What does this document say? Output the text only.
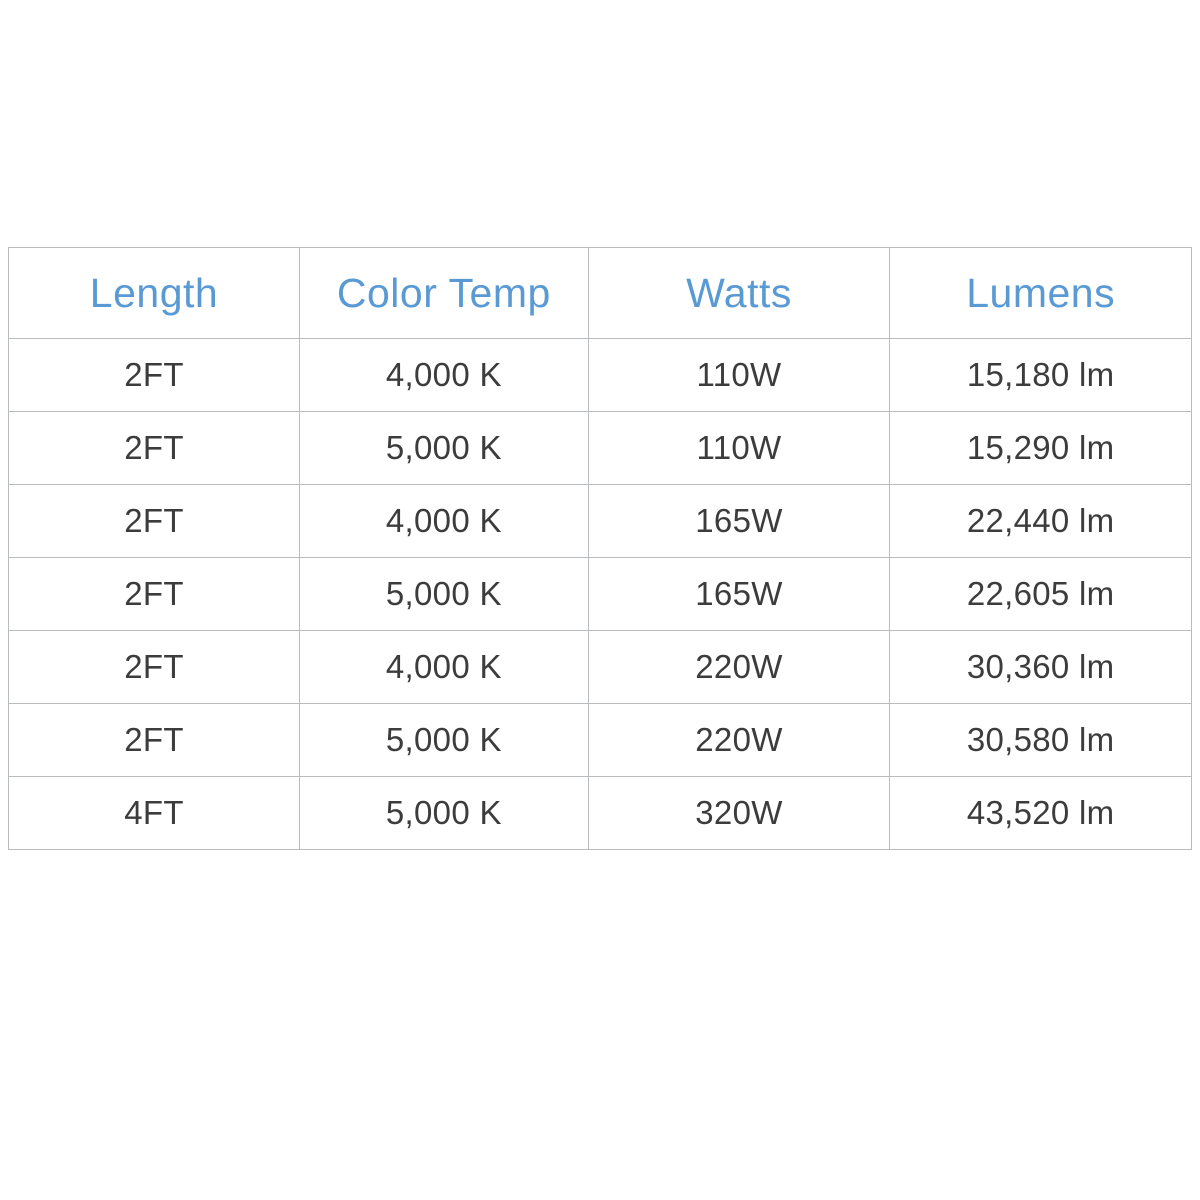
Length	Color Temp	Watts	Lumens
2FT	4,000 K	110W	15,180 lm
2FT	5,000 K	110W	15,290 lm
2FT	4,000 K	165W	22,440 lm
2FT	5,000 K	165W	22,605 lm
2FT	4,000 K	220W	30,360 lm
2FT	5,000 K	220W	30,580 lm
4FT	5,000 K	320W	43,520 lm
